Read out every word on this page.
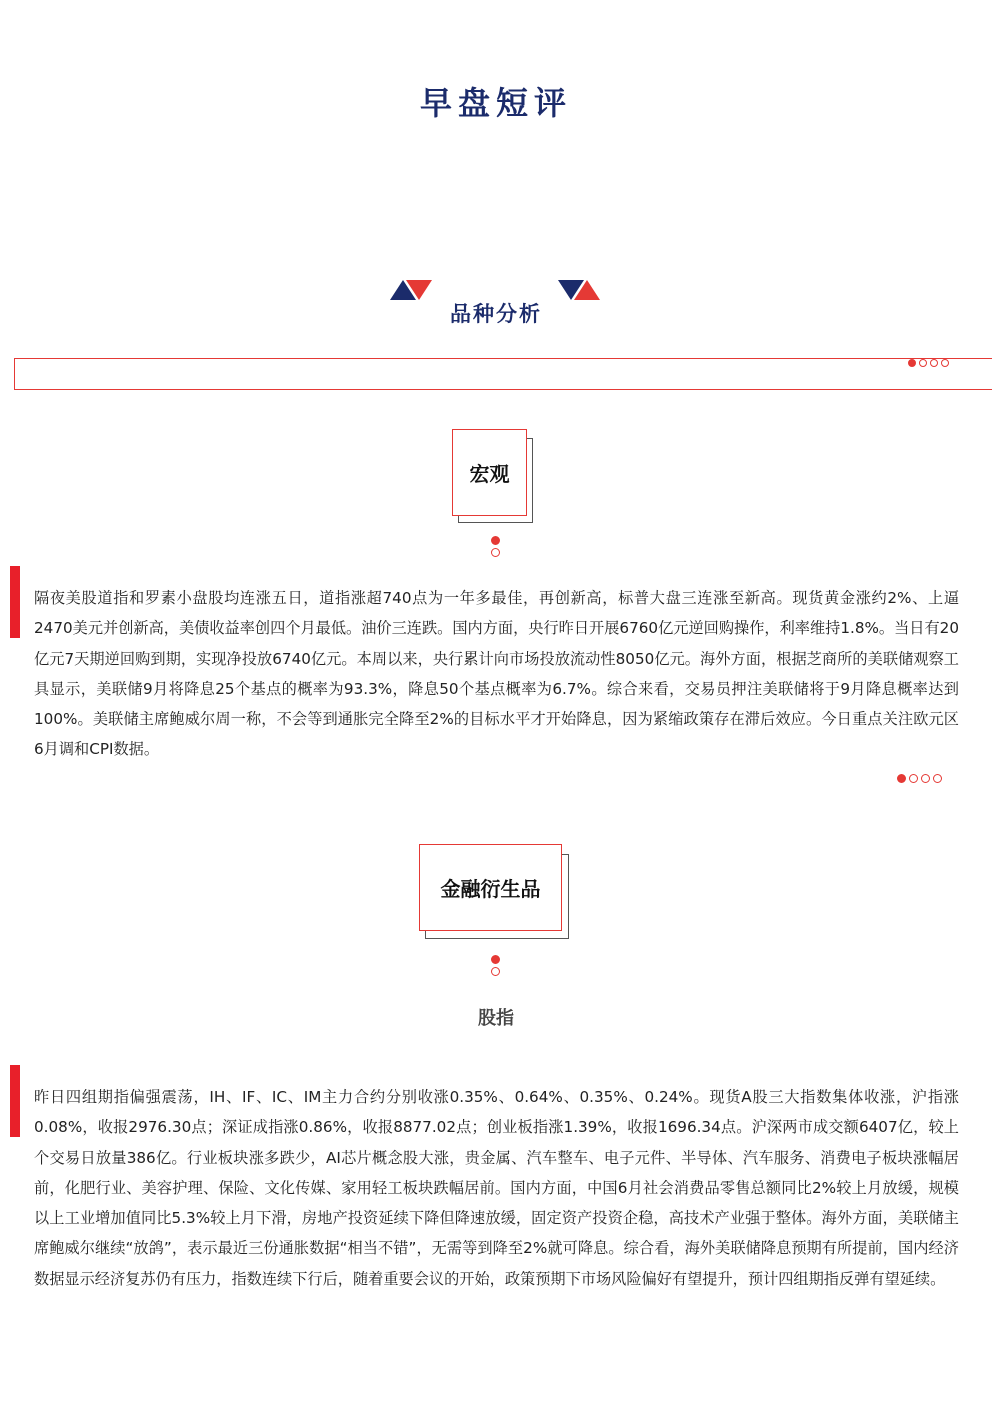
早盘短评
品种分析
宏观
隔夜美股道指和罗素小盘股均连涨五日，道指涨超740点为一年多最佳，再创新高，标普大盘三连涨至新高。现货黄金涨约2%、上逼2470美元并创新高，美债收益率创四个月最低。油价三连跌。国内方面，央行昨日开展6760亿元逆回购操作，利率维持1.8%。当日有20亿元7天期逆回购到期，实现净投放6740亿元。本周以来，央行累计向市场投放流动性8050亿元。海外方面，根据芝商所的美联储观察工具显示，美联储9月将降息25个基点的概率为93.3%，降息50个基点概率为6.7%。综合来看，交易员押注美联储将于9月降息概率达到100%。美联储主席鲍威尔周一称，不会等到通胀完全降至2%的目标水平才开始降息，因为紧缩政策存在滞后效应。今日重点关注欧元区6月调和CPI数据。
金融衍生品
股指
昨日四组期指偏强震荡，IH、IF、IC、IM主力合约分别收涨0.35%、0.64%、0.35%、0.24%。现货A股三大指数集体收涨，沪指涨0.08%，收报2976.30点；深证成指涨0.86%，收报8877.02点；创业板指涨1.39%，收报1696.34点。沪深两市成交额6407亿，较上个交易日放量386亿。行业板块涨多跌少，AI芯片概念股大涨，贵金属、汽车整车、电子元件、半导体、汽车服务、消费电子板块涨幅居前，化肥行业、美容护理、保险、文化传媒、家用轻工板块跌幅居前。国内方面，中国6月社会消费品零售总额同比2%较上月放缓，规模以上工业增加值同比5.3%较上月下滑，房地产投资延续下降但降速放缓，固定资产投资企稳，高技术产业强于整体。海外方面，美联储主席鲍威尔继续“放鸽”，表示最近三份通胀数据“相当不错”，无需等到降至2%就可降息。综合看，海外美联储降息预期有所提前，国内经济数据显示经济复苏仍有压力，指数连续下行后，随着重要会议的开始，政策预期下市场风险偏好有望提升，预计四组期指反弹有望延续。
